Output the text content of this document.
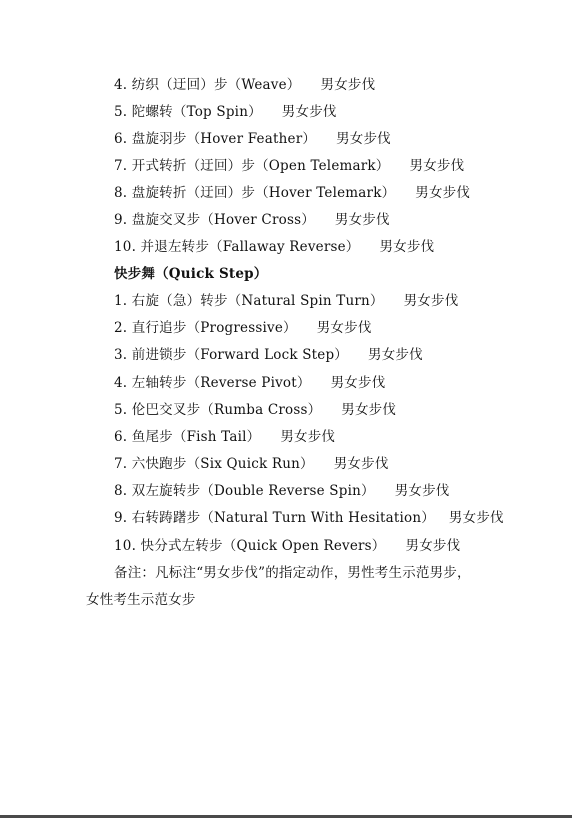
4. 纺织（迂回）步（Weave） 男女步伐
5. 陀螺转（Top Spin） 男女步伐
6. 盘旋羽步（Hover Feather） 男女步伐
7. 开式转折（迂回）步（Open Telemark） 男女步伐
8. 盘旋转折（迂回）步（Hover Telemark） 男女步伐
9. 盘旋交叉步（Hover Cross） 男女步伐
10. 并退左转步（Fallaway Reverse） 男女步伐
快步舞（Quick Step）
1. 右旋（急）转步（Natural Spin Turn） 男女步伐
2. 直行追步（Progressive） 男女步伐
3. 前进锁步（Forward Lock Step） 男女步伐
4. 左轴转步（Reverse Pivot） 男女步伐
5. 伦巴交叉步（Rumba Cross） 男女步伐
6. 鱼尾步（Fish Tail） 男女步伐
7. 六快跑步（Six Quick Run） 男女步伐
8. 双左旋转步（Double Reverse Spin） 男女步伐
9. 右转踌躇步（Natural Turn With Hesitation） 男女步伐
10. 快分式左转步（Quick Open Revers） 男女步伐
备注：凡标注“男女步伐”的指定动作，男性考生示范男步，
女性考生示范女步
